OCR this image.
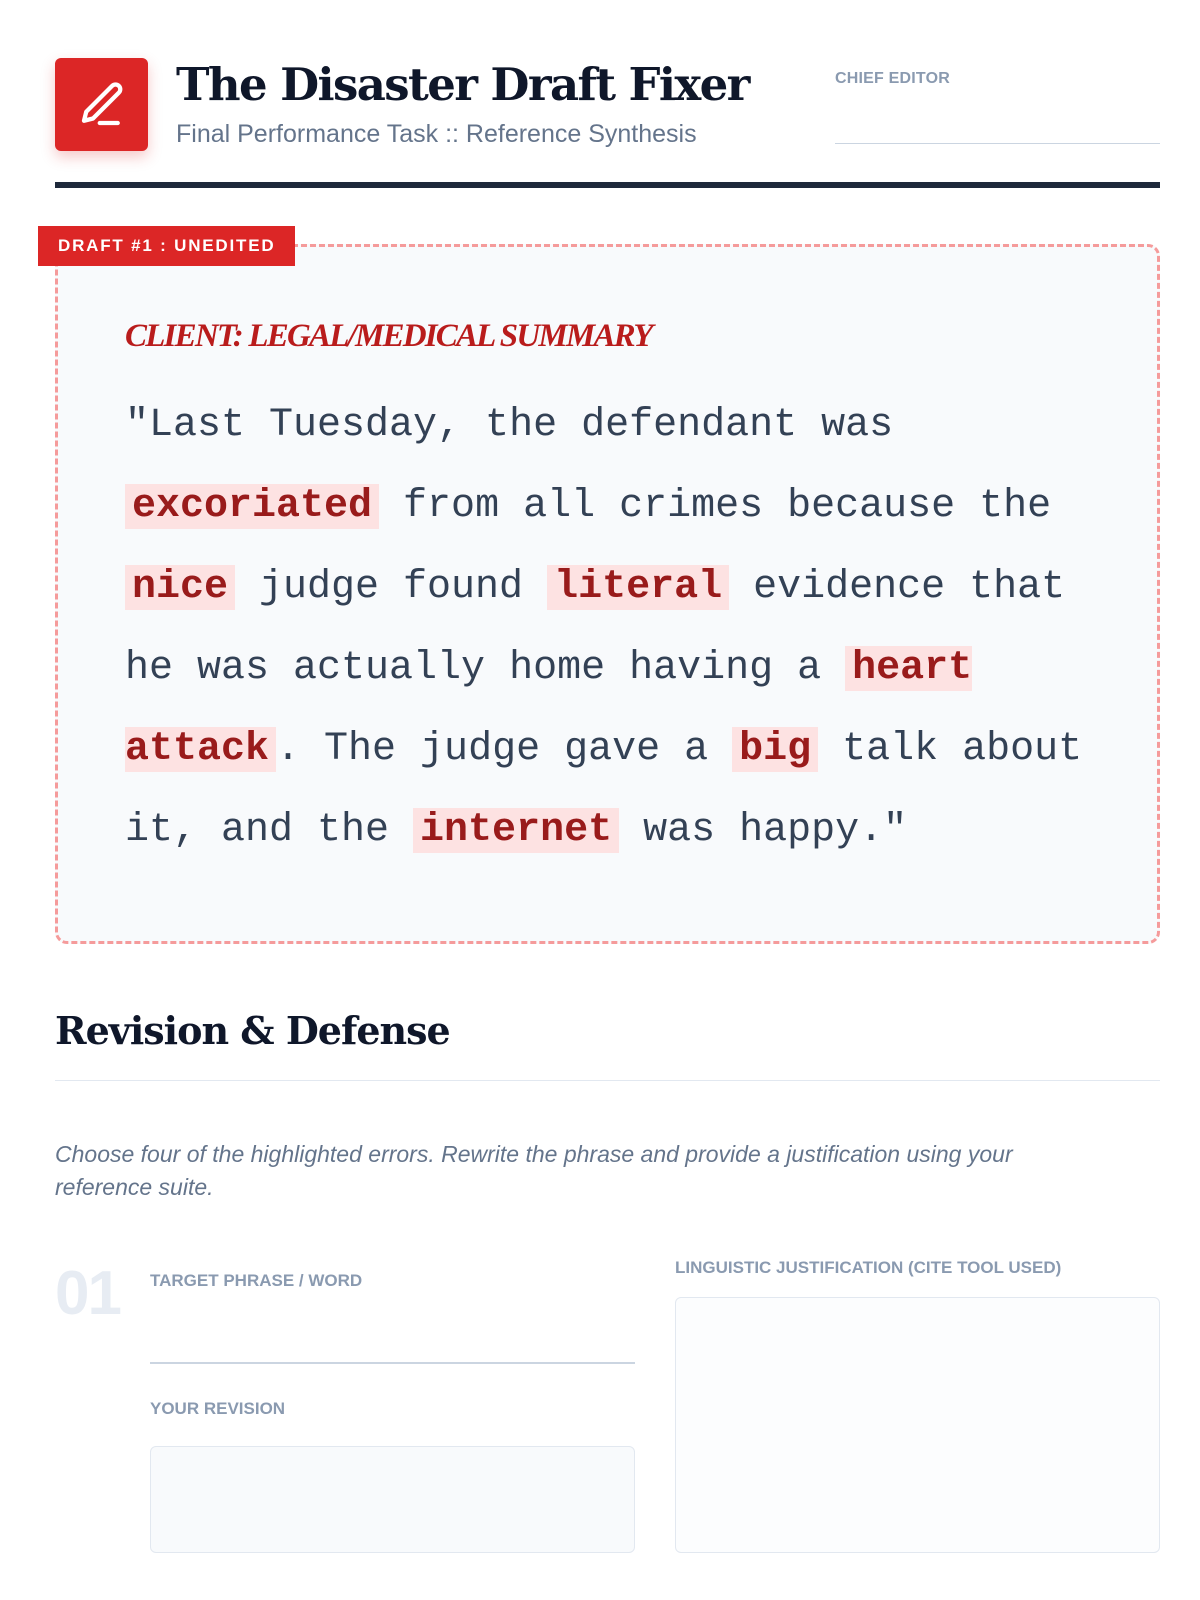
The Disaster Draft Fixer
Final Performance Task :: Reference Synthesis
CHIEF EDITOR
DRAFT #1 : UNEDITED
CLIENT: LEGAL/MEDICAL SUMMARY
"Last Tuesday, the defendant was excoriated from all crimes because the nice judge found literal evidence that he was actually home having a heart attack . The judge gave a big talk about it, and the internet was happy."
Revision & Defense
Choose four of the highlighted errors. Rewrite the phrase and provide a justification using your reference suite.
01 TARGET PHRASE / WORD
YOUR REVISION
LINGUISTIC JUSTIFICATION (CITE TOOL USED)
